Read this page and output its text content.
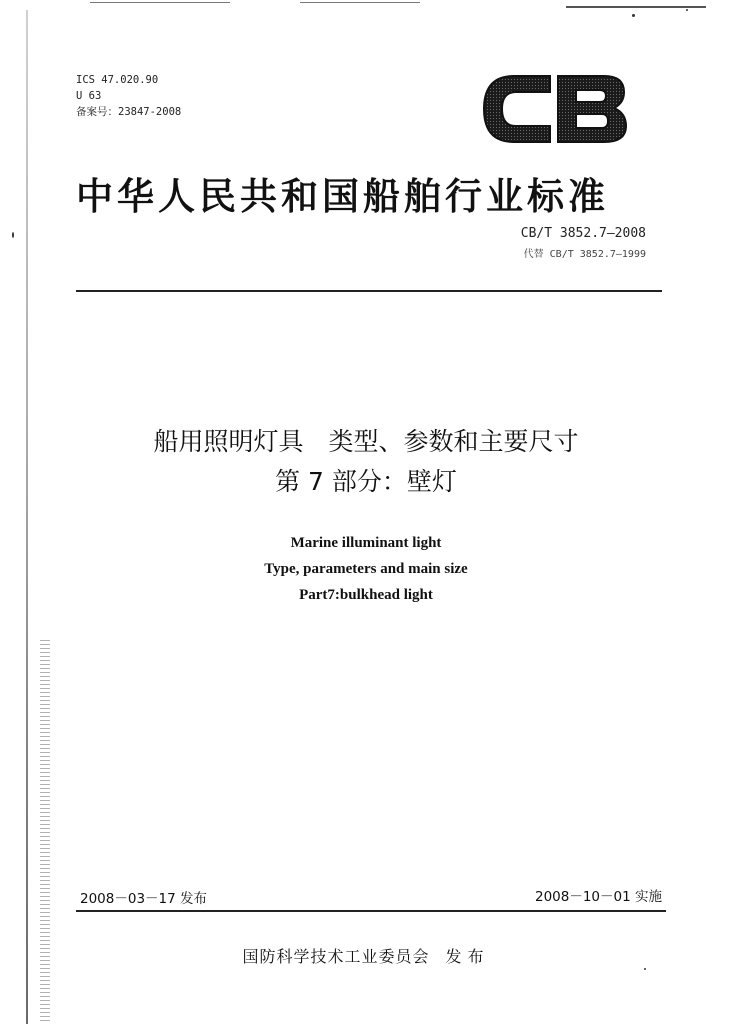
ICS 47.020.90
U 63
备案号：23847-2008
中华人民共和国船舶行业标准
CB/T 3852.7—2008
代替 CB/T 3852.7—1999
船用照明灯具　类型、参数和主要尺寸
第 7 部分：壁灯
Marine illuminant light
Type, parameters and main size
Part7:bulkhead light
2008－03－17 发布	2008－10－01 实施
国防科学技术工业委员会 发布
